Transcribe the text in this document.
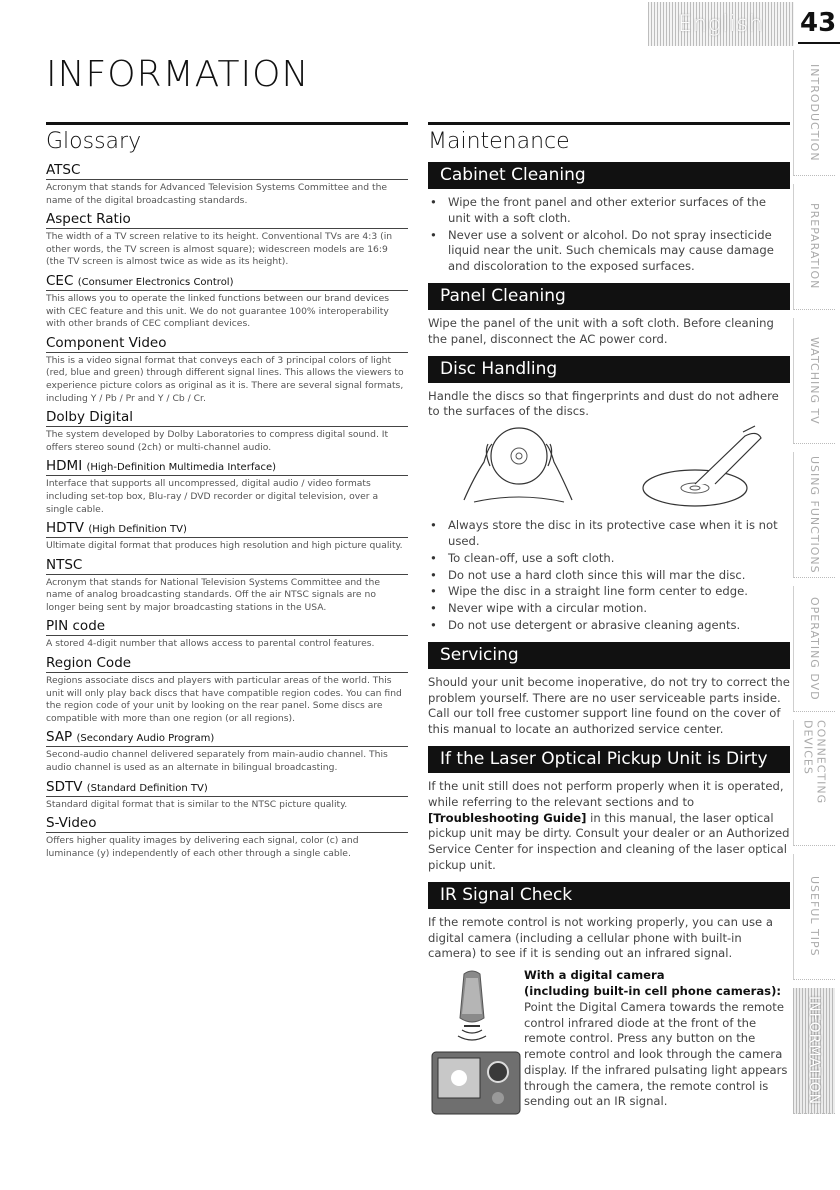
English 43
INFORMATION	INTRODUCTION
PREPARATION
WATCHING TV
USING FUNCTIONS
OPERATING DVD
CONNECTING DEVICES
USEFUL TIPS
INFORMATION
Glossary
ATSC

Acronym that stands for Advanced Television Systems Committee and the name of the digital broadcasting standards.

Aspect Ratio

The width of a TV screen relative to its height. Conventional TVs are 4:3 (in other words, the TV screen is almost square); widescreen models are 16:9 (the TV screen is almost twice as wide as its height).

CEC (Consumer Electronics Control)

This allows you to operate the linked functions between our brand devices with CEC feature and this unit. We do not guarantee 100% interoperability with other brands of CEC compliant devices.

Component Video

This is a video signal format that conveys each of 3 principal colors of light (red, blue and green) through different signal lines. This allows the viewers to experience picture colors as original as it is. There are several signal formats, including Y / Pb / Pr and Y / Cb / Cr.

Dolby Digital

The system developed by Dolby Laboratories to compress digital sound. It offers stereo sound (2ch) or multi-channel audio.

HDMI (High-Definition Multimedia Interface)

Interface that supports all uncompressed, digital audio / video formats including set-top box, Blu-ray / DVD recorder or digital television, over a single cable.

HDTV (High Definition TV)

Ultimate digital format that produces high resolution and high picture quality.

NTSC

Acronym that stands for National Television Systems Committee and the name of analog broadcasting standards. Off the air NTSC signals are no longer being sent by major broadcasting stations in the USA.

PIN code

A stored 4-digit number that allows access to parental control features.

Region Code

Regions associate discs and players with particular areas of the world. This unit will only play back discs that have compatible region codes. You can find the region code of your unit by looking on the rear panel. Some discs are compatible with more than one region (or all regions).

SAP (Secondary Audio Program)

Second-audio channel delivered separately from main-audio channel. This audio channel is used as an alternate in bilingual broadcasting.

SDTV (Standard Definition TV)

Standard digital format that is similar to the NTSC picture quality.

S-Video

Offers higher quality images by delivering each signal, color (c) and luminance (y) independently of each other through a single cable.

Maintenance
Cabinet Cleaning
• Wipe the front panel and other exterior surfaces of the unit with a soft cloth.
• Never use a solvent or alcohol. Do not spray insecticide liquid near the unit. Such chemicals may cause damage and discoloration to the exposed surfaces.
Panel Cleaning

Wipe the panel of the unit with a soft cloth. Before cleaning the panel, disconnect the AC power cord.

Disc Handling

Handle the discs so that fingerprints and dust do not adhere to the surfaces of the discs.

• Always store the disc in its protective case when it is not used.
• To clean-off, use a soft cloth.
• Do not use a hard cloth since this will mar the disc.
• Wipe the disc in a straight line form center to edge.
• Never wipe with a circular motion.
• Do not use detergent or abrasive cleaning agents.
Servicing

Should your unit become inoperative, do not try to correct the problem yourself. There are no user serviceable parts inside. Call our toll free customer support line found on the cover of this manual to locate an authorized service center.

If the Laser Optical Pickup Unit is Dirty

If the unit still does not perform properly when it is operated, while referring to the relevant sections and to [Troubleshooting Guide] in this manual, the laser optical pickup unit may be dirty. Consult your dealer or an Authorized Service Center for inspection and cleaning of the laser optical pickup unit.

IR Signal Check

If the remote control is not working properly, you can use a digital camera (including a cellular phone with built-in camera) to see if it is sending out an infrared signal.

With a digital camera

(including built-in cell phone cameras):

Point the Digital Camera towards the remote control infrared diode at the front of the remote control. Press any button on the remote control and look through the camera display. If the infrared pulsating light appears through the camera, the remote control is sending out an IR signal.
